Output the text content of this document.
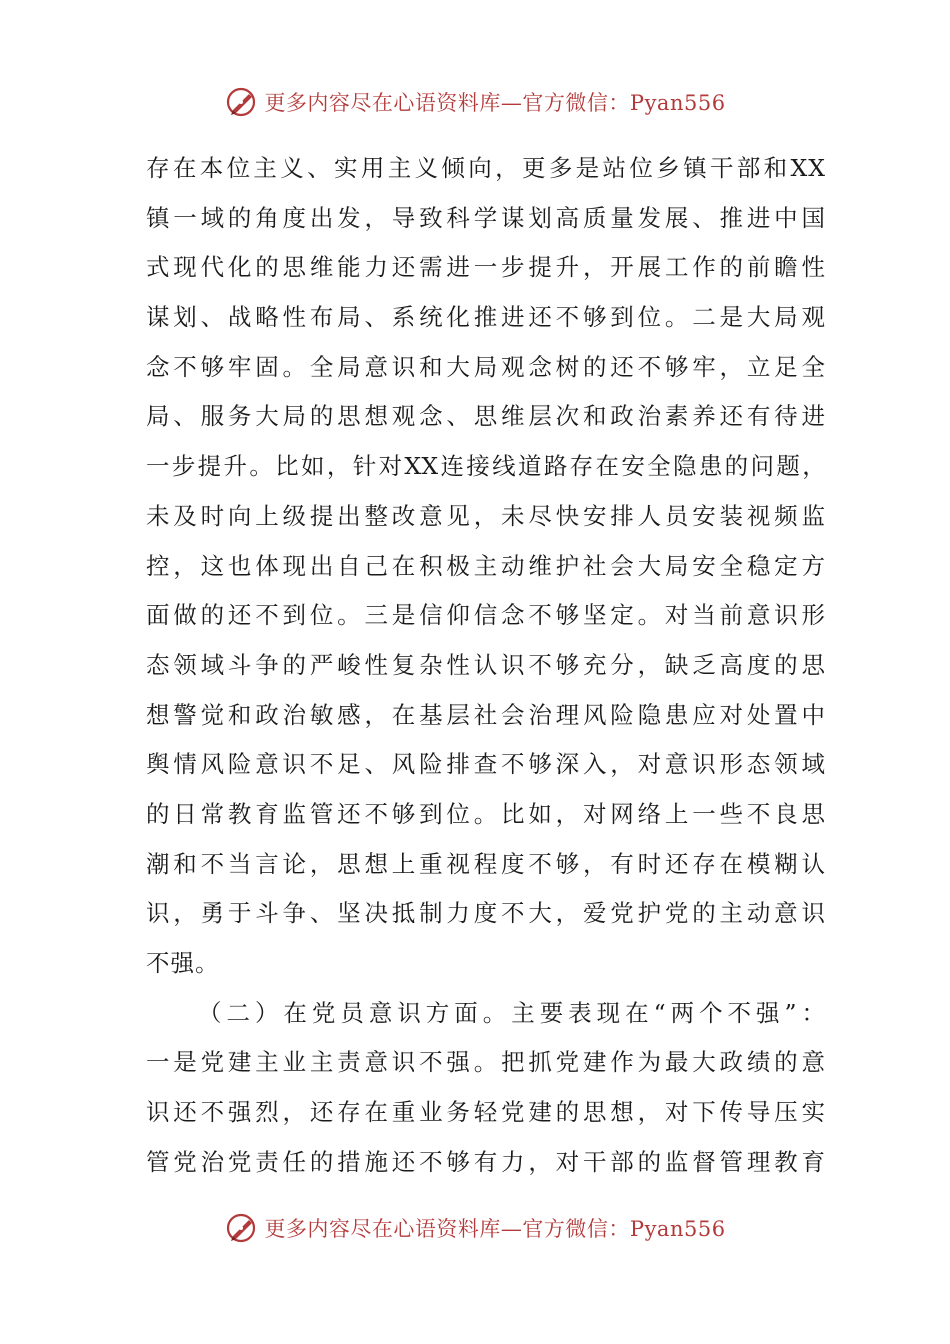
更多内容尽在心语资料库—官方微信：Pyan556
存在本位主义、实用主义倾向，更多是站位乡镇干部和XX
镇一域的角度出发，导致科学谋划高质量发展、推进中国
式现代化的思维能力还需进一步提升，开展工作的前瞻性
谋划、战略性布局、系统化推进还不够到位。二是大局观
念不够牢固。全局意识和大局观念树的还不够牢，立足全
局、服务大局的思想观念、思维层次和政治素养还有待进
一步提升。比如，针对XX连接线道路存在安全隐患的问题，
未及时向上级提出整改意见，未尽快安排人员安装视频监
控，这也体现出自己在积极主动维护社会大局安全稳定方
面做的还不到位。三是信仰信念不够坚定。对当前意识形
态领域斗争的严峻性复杂性认识不够充分，缺乏高度的思
想警觉和政治敏感，在基层社会治理风险隐患应对处置中
舆情风险意识不足、风险排查不够深入，对意识形态领域
的日常教育监管还不够到位。比如，对网络上一些不良思
潮和不当言论，思想上重视程度不够，有时还存在模糊认
识，勇于斗争、坚决抵制力度不大，爱党护党的主动意识
不强。
（二）在党员意识方面。主要表现在“两个不强”：
一是党建主业主责意识不强。把抓党建作为最大政绩的意
识还不强烈，还存在重业务轻党建的思想，对下传导压实
管党治党责任的措施还不够有力，对干部的监督管理教育
更多内容尽在心语资料库—官方微信：Pyan556
